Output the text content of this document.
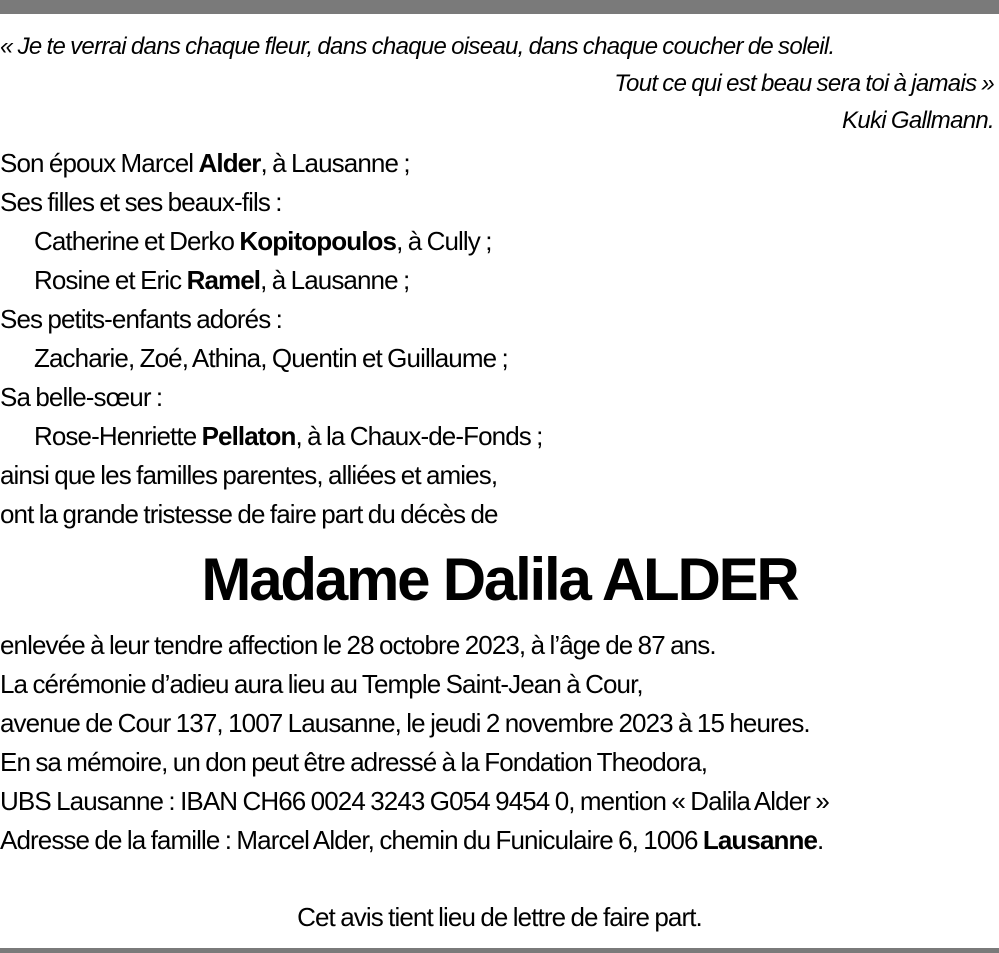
« Je te verrai dans chaque fleur, dans chaque oiseau, dans chaque coucher de soleil.
Tout ce qui est beau sera toi à jamais »
Kuki Gallmann.
Son époux Marcel Alder, à Lausanne ;
Ses filles et ses beaux-fils :
Catherine et Derko Kopitopoulos, à Cully ;
Rosine et Eric Ramel, à Lausanne ;
Ses petits-enfants adorés :
Zacharie, Zoé, Athina, Quentin et Guillaume ;
Sa belle-sœur :
Rose-Henriette Pellaton, à la Chaux-de-Fonds ;
ainsi que les familles parentes, alliées et amies,
ont la grande tristesse de faire part du décès de
Madame Dalila ALDER
enlevée à leur tendre affection le 28 octobre 2023, à l’âge de 87 ans.
La cérémonie d’adieu aura lieu au Temple Saint-Jean à Cour,
avenue de Cour 137, 1007 Lausanne, le jeudi 2 novembre 2023 à 15 heures.
En sa mémoire, un don peut être adressé à la Fondation Theodora,
UBS Lausanne : IBAN CH66 0024 3243 G054 9454 0, mention « Dalila Alder »
Adresse de la famille : Marcel Alder, chemin du Funiculaire 6, 1006 Lausanne.
Cet avis tient lieu de lettre de faire part.
